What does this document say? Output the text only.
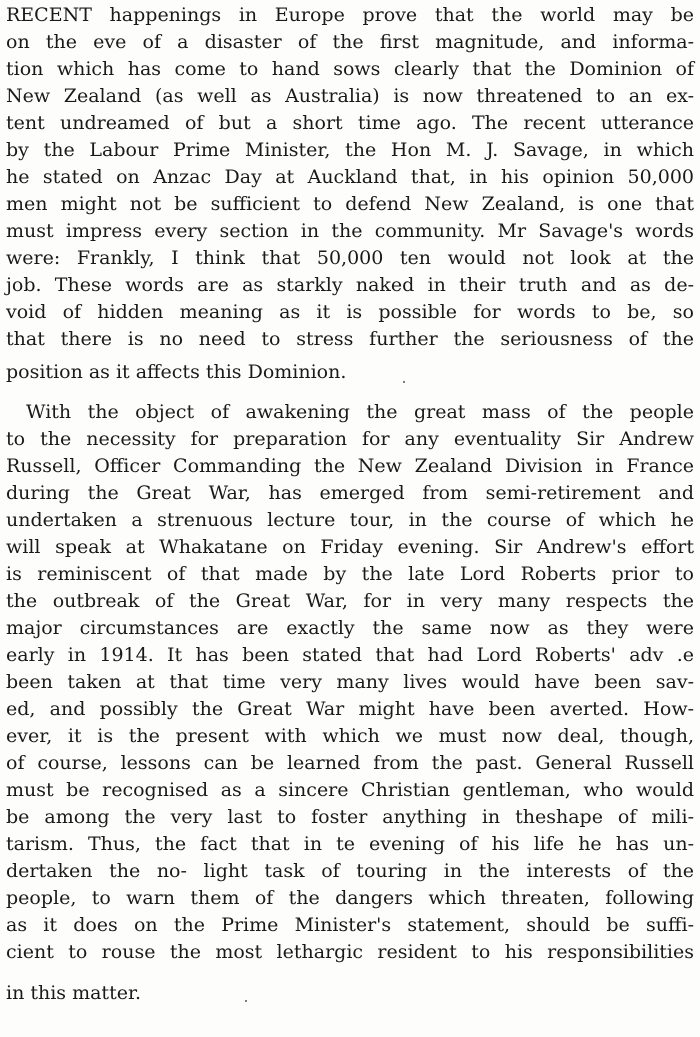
RECENT happenings in Europe prove that the world may be
on the eve of a disaster of the first magnitude, and informa-
tion which has come to hand sows clearly that the Dominion of
New Zealand (as well as Australia) is now threatened to an ex-
tent undreamed of but a short time ago. The recent utterance
by the Labour Prime Minister, the Hon M. J. Savage, in which
he stated on Anzac Day at Auckland that, in his opinion 50,000
men might not be sufficient to defend New Zealand, is one that
must impress every section in the community. Mr Savage's words
were: Frankly, I think that 50,000 ten would not look at the
job. These words are as starkly naked in their truth and as de-
void of hidden meaning as it is possible for words to be, so
that there is no need to stress further the seriousness of the
position as it affects this Dominion.
With the object of awakening the great mass of the people
to the necessity for preparation for any eventuality Sir Andrew
Russell, Officer Commanding the New Zealand Division in France
during the Great War, has emerged from semi-retirement and
undertaken a strenuous lecture tour, in the course of which he
will speak at Whakatane on Friday evening. Sir Andrew's effort
is reminiscent of that made by the late Lord Roberts prior to
the outbreak of the Great War, for in very many respects the
major circumstances are exactly the same now as they were
early in 1914. It has been stated that had Lord Roberts' adv .e
been taken at that time very many lives would have been sav-
ed, and possibly the Great War might have been averted. How-
ever, it is the present with which we must now deal, though,
of course, lessons can be learned from the past. General Russell
must be recognised as a sincere Christian gentleman, who would
be among the very last to foster anything in theshape of mili-
tarism. Thus, the fact that in te evening of his life he has un-
dertaken the no- light task of touring in the interests of the
people, to warn them of the dangers which threaten, following
as it does on the Prime Minister's statement, should be suffi-
cient to rouse the most lethargic resident to his responsibilities
in this matter.
